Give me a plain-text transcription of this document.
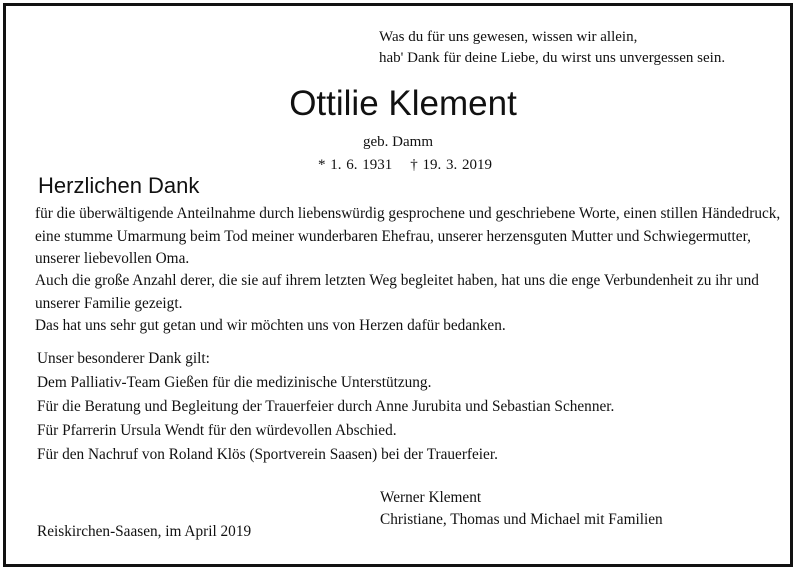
Was du für uns gewesen, wissen wir allein,
hab' Dank für deine Liebe, du wirst uns unvergessen sein.
Ottilie Klement
geb. Damm
* 1. 6. 1931 † 19. 3. 2019
Herzlichen Dank

für die überwältigende Anteilnahme durch liebenswürdig gesprochene und geschriebene Worte, einen stillen Händedruck, eine stumme Umarmung beim Tod meiner wunderbaren Ehefrau, unserer herzensguten Mutter und Schwiegermutter, unserer liebevollen Oma.

Auch die große Anzahl derer, die sie auf ihrem letzten Weg begleitet haben, hat uns die enge Verbundenheit zu ihr und unserer Familie gezeigt.

Das hat uns sehr gut getan und wir möchten uns von Herzen dafür bedanken.

Unser besonderer Dank gilt:
Dem Palliativ-Team Gießen für die medizinische Unterstützung.
Für die Beratung und Begleitung der Trauerfeier durch Anne Jurubita und Sebastian Schenner.
Für Pfarrerin Ursula Wendt für den würdevollen Abschied.
Für den Nachruf von Roland Klös (Sportverein Saasen) bei der Trauerfeier.
Werner Klement
Christiane, Thomas und Michael mit Familien
Reiskirchen-Saasen, im April 2019
